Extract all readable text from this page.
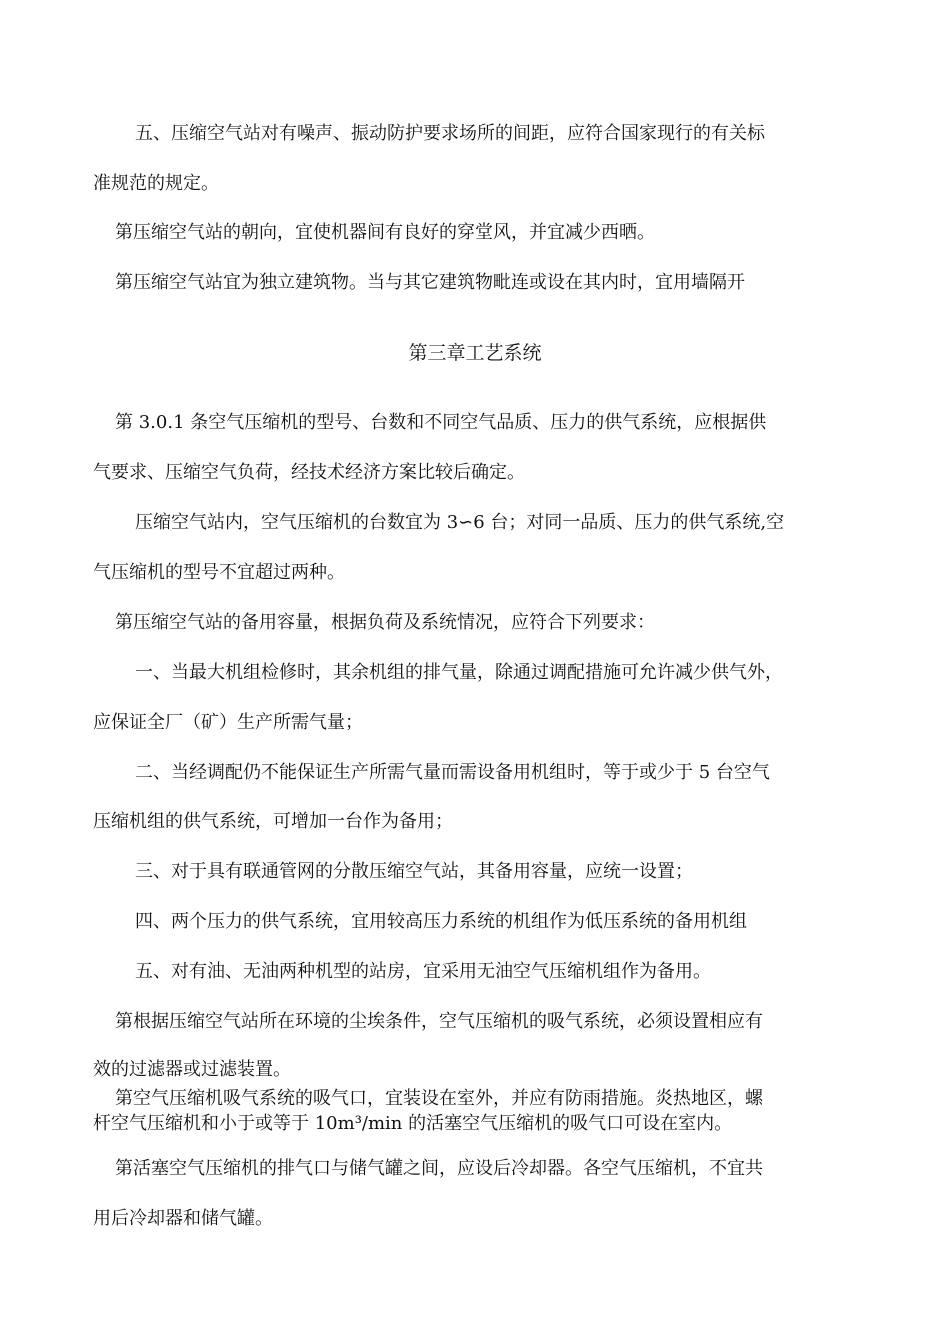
五、压缩空气站对有噪声、振动防护要求场所的间距，应符合国家现行的有关标
准规范的规定。
第压缩空气站的朝向，宜使机器间有良好的穿堂风，并宜减少西晒。
第压缩空气站宜为独立建筑物。当与其它建筑物毗连或设在其内时，宜用墙隔开
第三章工艺系统
第 3.0.1 条空气压缩机的型号、台数和不同空气品质、压力的供气系统，应根据供
气要求、压缩空气负荷，经技术经济方案比较后确定。
压缩空气站内，空气压缩机的台数宜为 3∽6 台；对同一品质、压力的供气系统,空
气压缩机的型号不宜超过两种。
第压缩空气站的备用容量，根据负荷及系统情况，应符合下列要求：
一、当最大机组检修时，其余机组的排气量，除通过调配措施可允许减少供气外，
应保证全厂（矿）生产所需气量；
二、当经调配仍不能保证生产所需气量而需设备用机组时，等于或少于 5 台空气
压缩机组的供气系统，可增加一台作为备用；
三、对于具有联通管网的分散压缩空气站，其备用容量，应统一设置；
四、两个压力的供气系统，宜用较高压力系统的机组作为低压系统的备用机组
五、对有油、无油两种机型的站房，宜采用无油空气压缩机组作为备用。
第根据压缩空气站所在环境的尘埃条件，空气压缩机的吸气系统，必须设置相应有
效的过滤器或过滤装置。
第空气压缩机吸气系统的吸气口，宜装设在室外，并应有防雨措施。炎热地区，螺
杆空气压缩机和小于或等于 10m³/min 的活塞空气压缩机的吸气口可设在室内。
第活塞空气压缩机的排气口与储气罐之间，应设后冷却器。各空气压缩机，不宜共
用后冷却器和储气罐。
